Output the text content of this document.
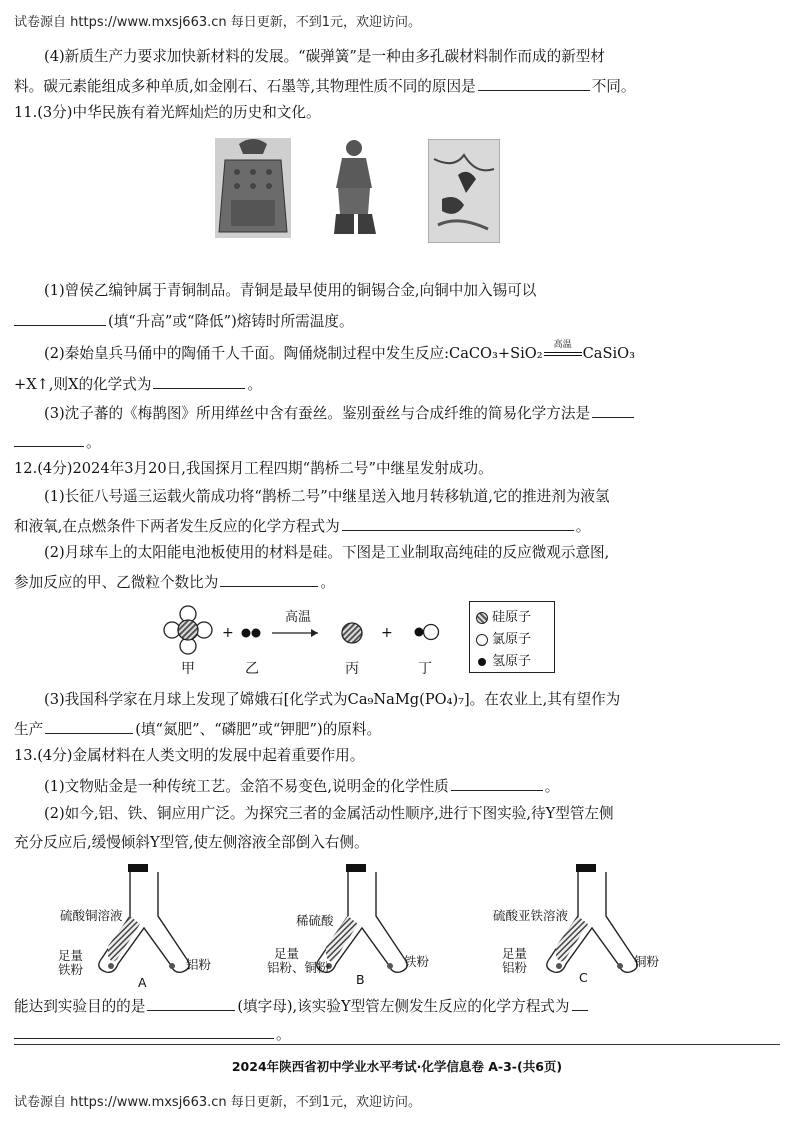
试卷源自 https://www.mxsj663.cn 每日更新，不到1元，欢迎访问。
(4)新质生产力要求加快新材料的发展。“碳弹簧”是一种由多孔碳材料制作而成的新型材
料。碳元素能组成多种单质,如金刚石、石墨等,其物理性质不同的原因是	不同。
11.(3分)中华民族有着光辉灿烂的历史和文化。
(1)曾侯乙编钟属于青铜制品。青铜是最早使用的铜锡合金,向铜中加入锡可以
(填“升高”或“降低”)熔铸时所需温度。
(2)秦始皇兵马俑中的陶俑千人千面。陶俑烧制过程中发生反应:CaCO₃+SiO₂	高温 CaSiO₃
+X↑,则X的化学式为	。
(3)沈子蕃的《梅鹊图》所用缂丝中含有蚕丝。鉴别蚕丝与合成纤维的简易化学方法是
。
12.(4分)2024年3月20日,我国探月工程四期“鹊桥二号”中继星发射成功。
(1)长征八号遥三运载火箭成功将“鹊桥二号”中继星送入地月转移轨道,它的推进剂为液氢
和液氧,在点燃条件下两者发生反应的化学方程式为	。
(2)月球车上的太阳能电池板使用的材料是硅。下图是工业制取高纯硅的反应微观示意图,
参加反应的甲、乙微粒个数比为	。
+	+
高温
甲	乙	丙	丁
硅原子
氯原子
氢原子
(3)我国科学家在月球上发现了嫦娥石[化学式为Ca₉NaMg(PO₄)₇]。在农业上,其有望作为
生产	(填“氮肥”、“磷肥”或“钾肥”)的原料。
13.(4分)金属材料在人类文明的发展中起着重要作用。
(1)文物贴金是一种传统工艺。金箔不易变色,说明金的化学性质	。
(2)如今,铝、铁、铜应用广泛。为探究三者的金属活动性顺序,进行下图实验,待Y型管左侧
充分反应后,缓慢倾斜Y型管,使左侧溶液全部倒入右侧。
硫酸铜溶液
足量
铁粉	铝粉
A
稀硫酸
足量
铝粉、铜粉	铁粉
B
硫酸亚铁溶液
足量
铝粉	铜粉
C
能达到实验目的的是	(填字母),该实验Y型管左侧发生反应的化学方程式为
。
2024年陕西省初中学业水平考试·化学信息卷 A-3-(共6页)
试卷源自 https://www.mxsj663.cn 每日更新，不到1元，欢迎访问。
